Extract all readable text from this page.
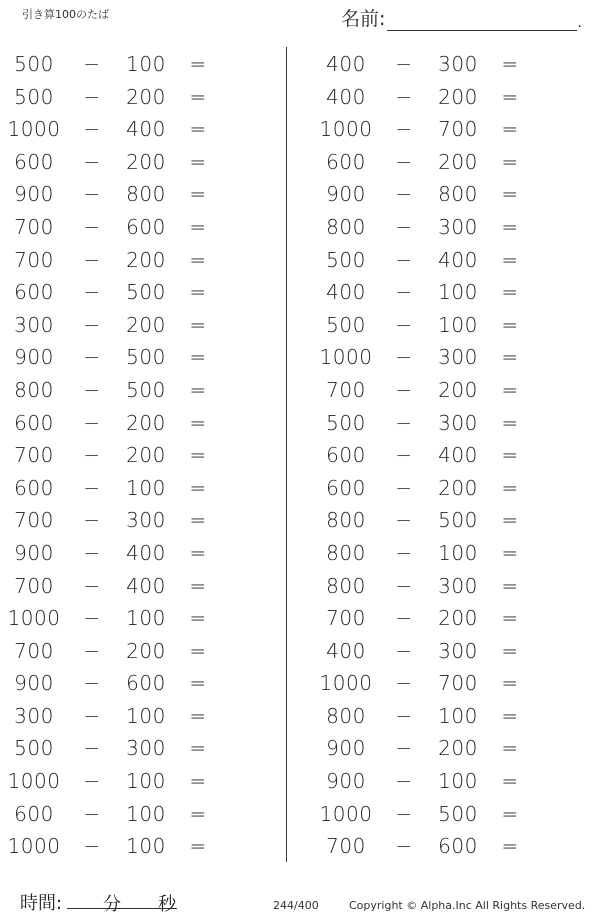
引き算100のたば	名前:	.
500	−	100	=
500	−	200	=
1000 −	400	=
600	−	200	=
900	−	800	=
700	−	600	=
700	−	200	=
600	−	500	=
300	−	200	=
900	−	500	=
800	−	500	=
600	−	200	=
700	−	200	=
600	−	100	=
700	−	300	=
900	−	400	=
700	−	400	=
1000 −	100	=
700	−	200	=
900	−	600	=
300	−	100	=
500	−	300	=
1000 −	100	=
600	−	100	=
1000 −	100	=
400	−	300	=
400	−	200	=
1000 −	700	=
600	−	200	=
900	−	800	=
800	−	300	=
500	−	400	=
400	−	100	=
500	−	100	=
1000 −	300	=
700	−	200	=
500	−	300	=
600	−	400	=
600	−	200	=
800	−	500	=
800	−	100	=
800	−	300	=
700	−	200	=
400	−	300	=
1000 −	700	=
800	−	100	=
900	−	200	=
900	−	100	=
1000 −	500	=
700	−	600	=
時間: 分 秒	244/400	Copyright © Alpha.Inc All Rights Reserved.
